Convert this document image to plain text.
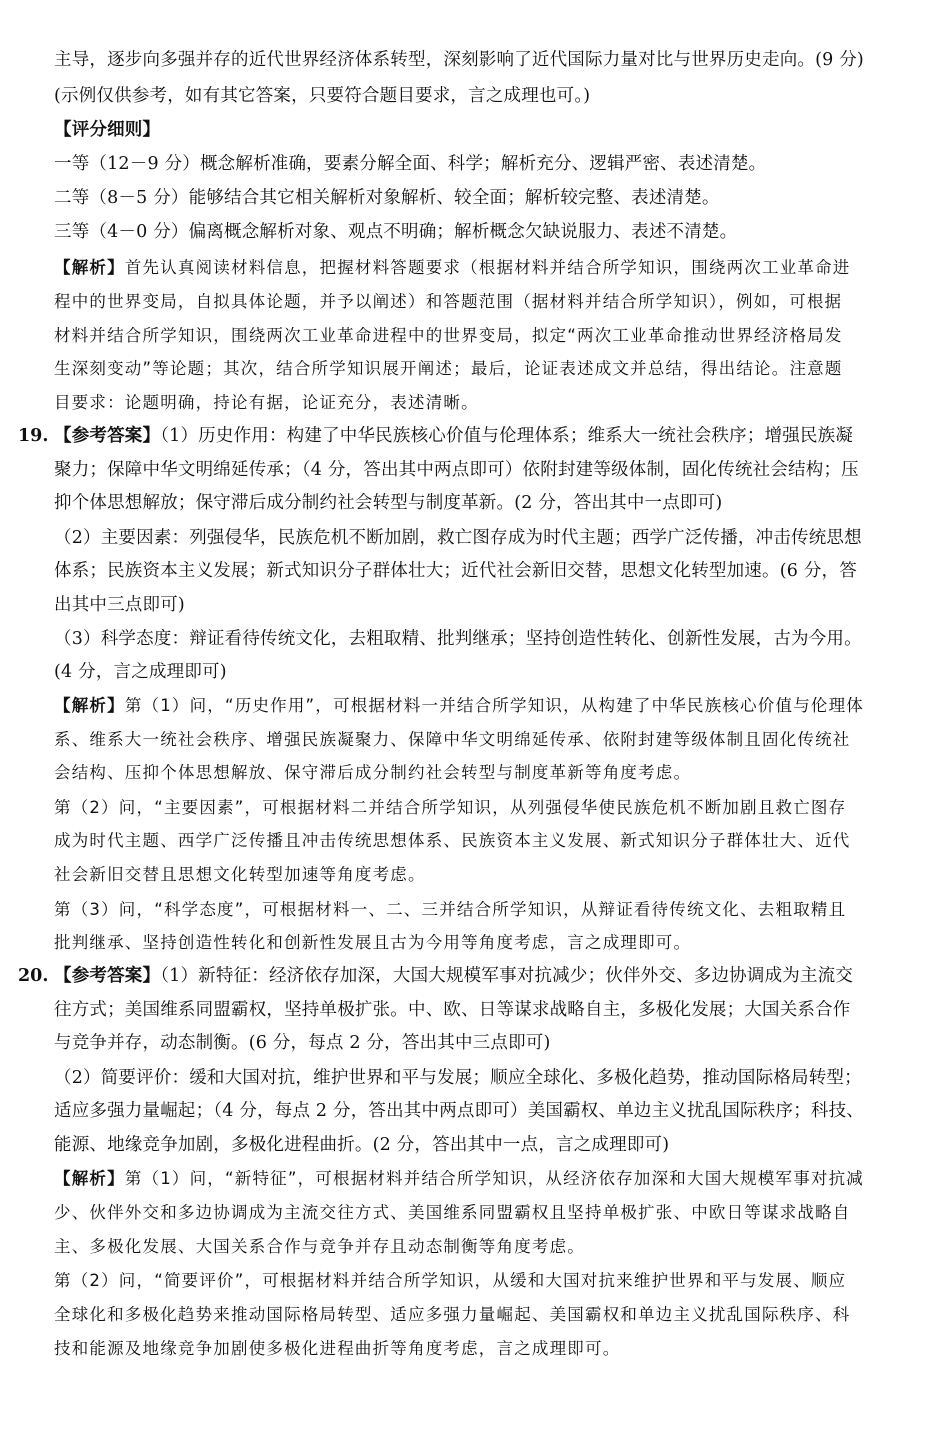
主导，逐步向多强并存的近代世界经济体系转型，深刻影响了近代国际力量对比与世界历史走向。(9 分)
(示例仅供参考，如有其它答案，只要符合题目要求，言之成理也可。)
【评分细则】
一等（12－9 分）概念解析准确，要素分解全面、科学；解析充分、逻辑严密、表述清楚。
二等（8－5 分）能够结合其它相关解析对象解析、较全面；解析较完整、表述清楚。
三等（4－0 分）偏离概念解析对象、观点不明确；解析概念欠缺说服力、表述不清楚。
【解析】首先认真阅读材料信息，把握材料答题要求（根据材料并结合所学知识，围绕两次工业革命进
程中的世界变局，自拟具体论题，并予以阐述）和答题范围（据材料并结合所学知识），例如，可根据
材料并结合所学知识，围绕两次工业革命进程中的世界变局，拟定“两次工业革命推动世界经济格局发
生深刻变动”等论题；其次，结合所学知识展开阐述；最后，论证表述成文并总结，得出结论。注意题
目要求：论题明确，持论有据，论证充分，表述清晰。
19. 【参考答案】（1）历史作用：构建了中华民族核心价值与伦理体系；维系大一统社会秩序；增强民族凝
聚力；保障中华文明绵延传承；（4 分，答出其中两点即可）依附封建等级体制，固化传统社会结构；压
抑个体思想解放；保守滞后成分制约社会转型与制度革新。(2 分，答出其中一点即可)
（2）主要因素：列强侵华，民族危机不断加剧，救亡图存成为时代主题；西学广泛传播，冲击传统思想
体系；民族资本主义发展；新式知识分子群体壮大；近代社会新旧交替，思想文化转型加速。(6 分，答
出其中三点即可)
（3）科学态度：辩证看待传统文化，去粗取精、批判继承；坚持创造性转化、创新性发展，古为今用。
(4 分，言之成理即可)
【解析】第（1）问，“历史作用”，可根据材料一并结合所学知识，从构建了中华民族核心价值与伦理体
系、维系大一统社会秩序、增强民族凝聚力、保障中华文明绵延传承、依附封建等级体制且固化传统社
会结构、压抑个体思想解放、保守滞后成分制约社会转型与制度革新等角度考虑。
第（2）问，“主要因素”，可根据材料二并结合所学知识，从列强侵华使民族危机不断加剧且救亡图存
成为时代主题、西学广泛传播且冲击传统思想体系、民族资本主义发展、新式知识分子群体壮大、近代
社会新旧交替且思想文化转型加速等角度考虑。
第（3）问，“科学态度”，可根据材料一、二、三并结合所学知识，从辩证看待传统文化、去粗取精且
批判继承、坚持创造性转化和创新性发展且古为今用等角度考虑，言之成理即可。
20. 【参考答案】（1）新特征：经济依存加深，大国大规模军事对抗减少；伙伴外交、多边协调成为主流交
往方式；美国维系同盟霸权，坚持单极扩张。中、欧、日等谋求战略自主，多极化发展；大国关系合作
与竞争并存，动态制衡。(6 分，每点 2 分，答出其中三点即可)
（2）简要评价：缓和大国对抗，维护世界和平与发展；顺应全球化、多极化趋势，推动国际格局转型；
适应多强力量崛起；（4 分，每点 2 分，答出其中两点即可）美国霸权、单边主义扰乱国际秩序；科技、
能源、地缘竞争加剧，多极化进程曲折。(2 分，答出其中一点，言之成理即可)
【解析】第（1）问，“新特征”，可根据材料并结合所学知识，从经济依存加深和大国大规模军事对抗减
少、伙伴外交和多边协调成为主流交往方式、美国维系同盟霸权且坚持单极扩张、中欧日等谋求战略自
主、多极化发展、大国关系合作与竞争并存且动态制衡等角度考虑。
第（2）问，“简要评价”，可根据材料并结合所学知识，从缓和大国对抗来维护世界和平与发展、顺应
全球化和多极化趋势来推动国际格局转型、适应多强力量崛起、美国霸权和单边主义扰乱国际秩序、科
技和能源及地缘竞争加剧使多极化进程曲折等角度考虑，言之成理即可。
